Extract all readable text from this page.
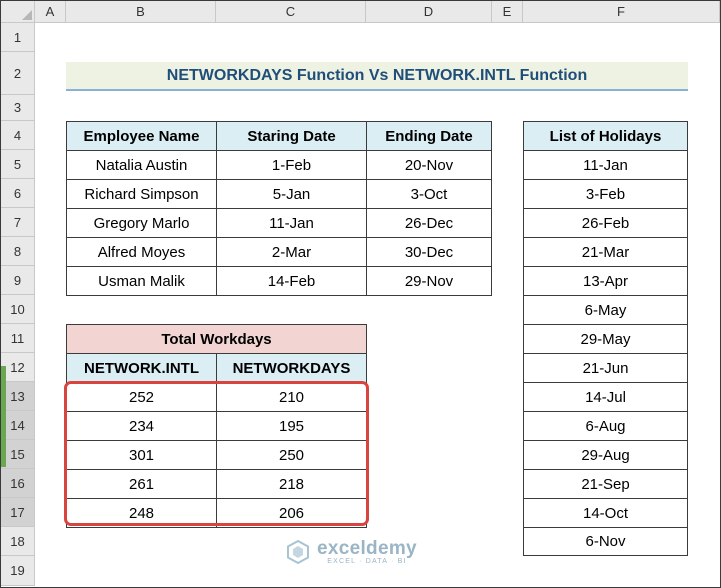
A	B	C	D	E	F
1
2
3
4
5
6
7
8
9
10
11
12
13
14
15
16
17
18
19
NETWORKDAYS Function Vs NETWORK.INTL Function
Employee Name	Staring Date	Ending Date
Natalia Austin	1-Feb	20-Nov
Richard Simpson	5-Jan	3-Oct
Gregory Marlo	11-Jan	26-Dec
Alfred Moyes	2-Mar	30-Dec
Usman Malik	14-Feb	29-Nov
List of Holidays
11-Jan
3-Feb
26-Feb
21-Mar
13-Apr
6-May
29-May
21-Jun
14-Jul
6-Aug
29-Aug
21-Sep
14-Oct
6-Nov
Total Workdays
NETWORK.INTL	NETWORKDAYS
252	210
234	195
301	250
261	218
248	206
exceldemy
EXCEL · DATA · BI
